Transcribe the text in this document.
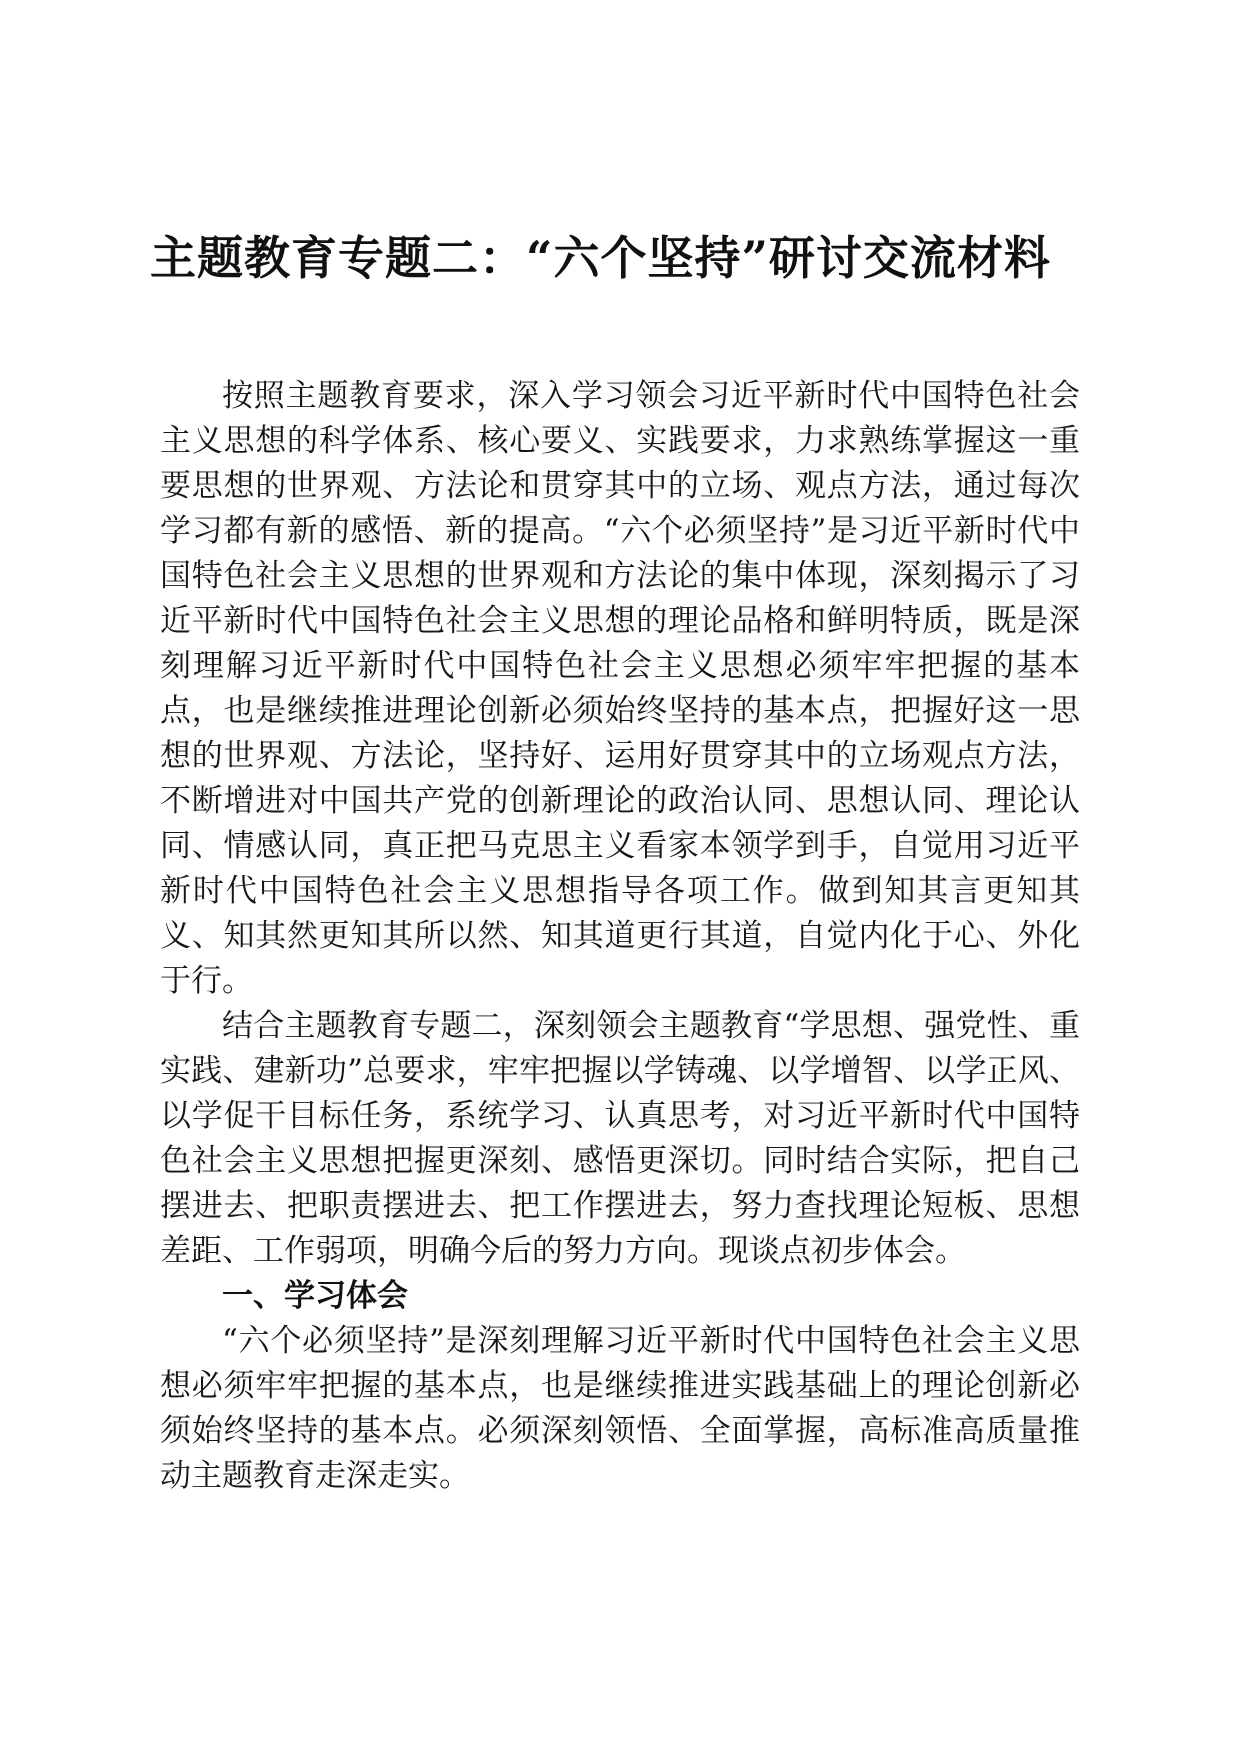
主题教育专题二：“六个坚持”研讨交流材料

按照主题教育要求，深入学习领会习近平新时代中国特色社会主义思想的科学体系、核心要义、实践要求，力求熟练掌握这一重要思想的世界观、方法论和贯穿其中的立场、观点方法，通过每次学习都有新的感悟、新的提高。“六个必须坚持”是习近平新时代中国特色社会主义思想的世界观和方法论的集中体现，深刻揭示了习近平新时代中国特色社会主义思想的理论品格和鲜明特质，既是深刻理解习近平新时代中国特色社会主义思想必须牢牢把握的基本点，也是继续推进理论创新必须始终坚持的基本点，把握好这一思想的世界观、方法论，坚持好、运用好贯穿其中的立场观点方法，不断增进对中国共产党的创新理论的政治认同、思想认同、理论认同、情感认同，真正把马克思主义看家本领学到手，自觉用习近平新时代中国特色社会主义思想指导各项工作。做到知其言更知其义、知其然更知其所以然、知其道更行其道，自觉内化于心、外化于行。

结合主题教育专题二，深刻领会主题教育“学思想、强党性、重实践、建新功”总要求，牢牢把握以学铸魂、以学增智、以学正风、以学促干目标任务，系统学习、认真思考，对习近平新时代中国特色社会主义思想把握更深刻、感悟更深切。同时结合实际，把自己摆进去、把职责摆进去、把工作摆进去，努力查找理论短板、思想差距、工作弱项，明确今后的努力方向。现谈点初步体会。

一、学习体会

“六个必须坚持”是深刻理解习近平新时代中国特色社会主义思想必须牢牢把握的基本点，也是继续推进实践基础上的理论创新必须始终坚持的基本点。必须深刻领悟、全面掌握，高标准高质量推动主题教育走深走实。
